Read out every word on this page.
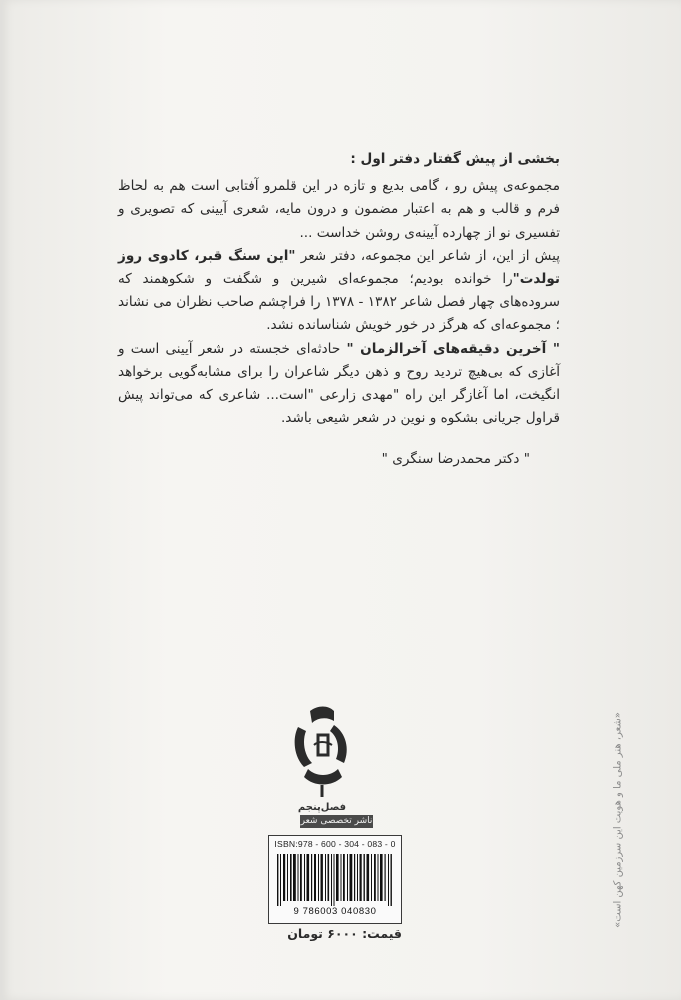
بخشی از پیش گفتار دفتر اول :

مجموعه‌ی پیش رو ، گامی بدیع و تازه در این قلمرو آفتابی است هم به لحاظ فرم و قالب و هم به اعتبار مضمون و درون مایه، شعری آیینی که تصویری و تفسیری نو از چهارده آیینه‌ی روشن خداست ...

پیش از این، از شاعر این مجموعه، دفتر شعر "این سنگ قبر، کادوی روز تولدت"را خوانده بودیم؛ مجموعه‌ای شیرین و شگفت و شکوهمند که سروده‌های چهار فصل شاعر ۱۳۸۲ - ۱۳۷۸ را فراچشم صاحب نظران می نشاند ؛ مجموعه‌ای که هرگز در خور خویش شناسانده نشد.

" آخرین دقیقه‌های آخرالزمان " حادثه‌ای خجسته در شعر آیینی است و آغازی که بی‌هیچ تردید روح و ذهن دیگر شاعران را برای مشابه‌گویی برخواهد انگیخت، اما آغازگر این راه "مهدی زارعی "است... شاعری که می‌تواند پیش قراول جریانی بشکوه و نوین در شعر شیعی باشد.

" دکتر محمدرضا سنگری "

«شعر، هنر ملی ما و هویت این سرزمین کهن است»
فصل‌پنجم
ناشر تخصصی شعر
ISBN:978 - 600 - 304 - 083 - 0
9 786003 040830
قیمت: ۶۰۰۰ تومان
